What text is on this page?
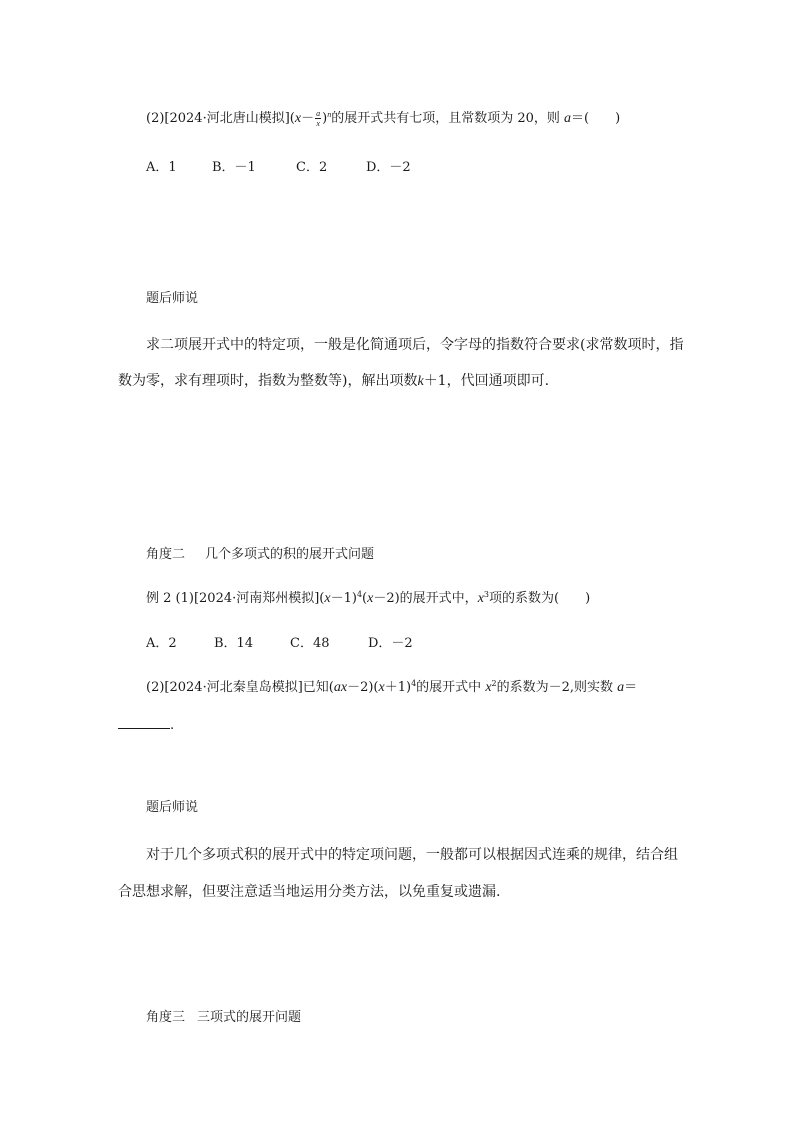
(2)[2024·河北唐山模拟]$(x- \frac{a}{x} )^n$的展开式共有七项，且常数项为 20，则 a＝(　　)
A．1	B．－1	C．2	D．－2
题后师说
求二项展开式中的特定项，一般是化简通项后，令字母的指数符合要求(求常数项时，指
数为零，求有理项时，指数为整数等)，解出项数k＋1，代回通项即可.
角度二 几个多项式的积的展开式问题
例 2 (1)[2024·河南郑州模拟]$(x-1)^4(x-2)$的展开式中，$x^3$项的系数为(　　)
A．2	B．14	C．48	D．－2
(2)[2024·河北秦皇岛模拟]已知$(ax-2)(x+1)^4$的展开式中 $x^2$的系数为－2,则实数 a＝
.
题后师说
对于几个多项式积的展开式中的特定项问题，一般都可以根据因式连乘的规律，结合组
合思想求解，但要注意适当地运用分类方法，以免重复或遗漏.
角度三 三项式的展开问题
